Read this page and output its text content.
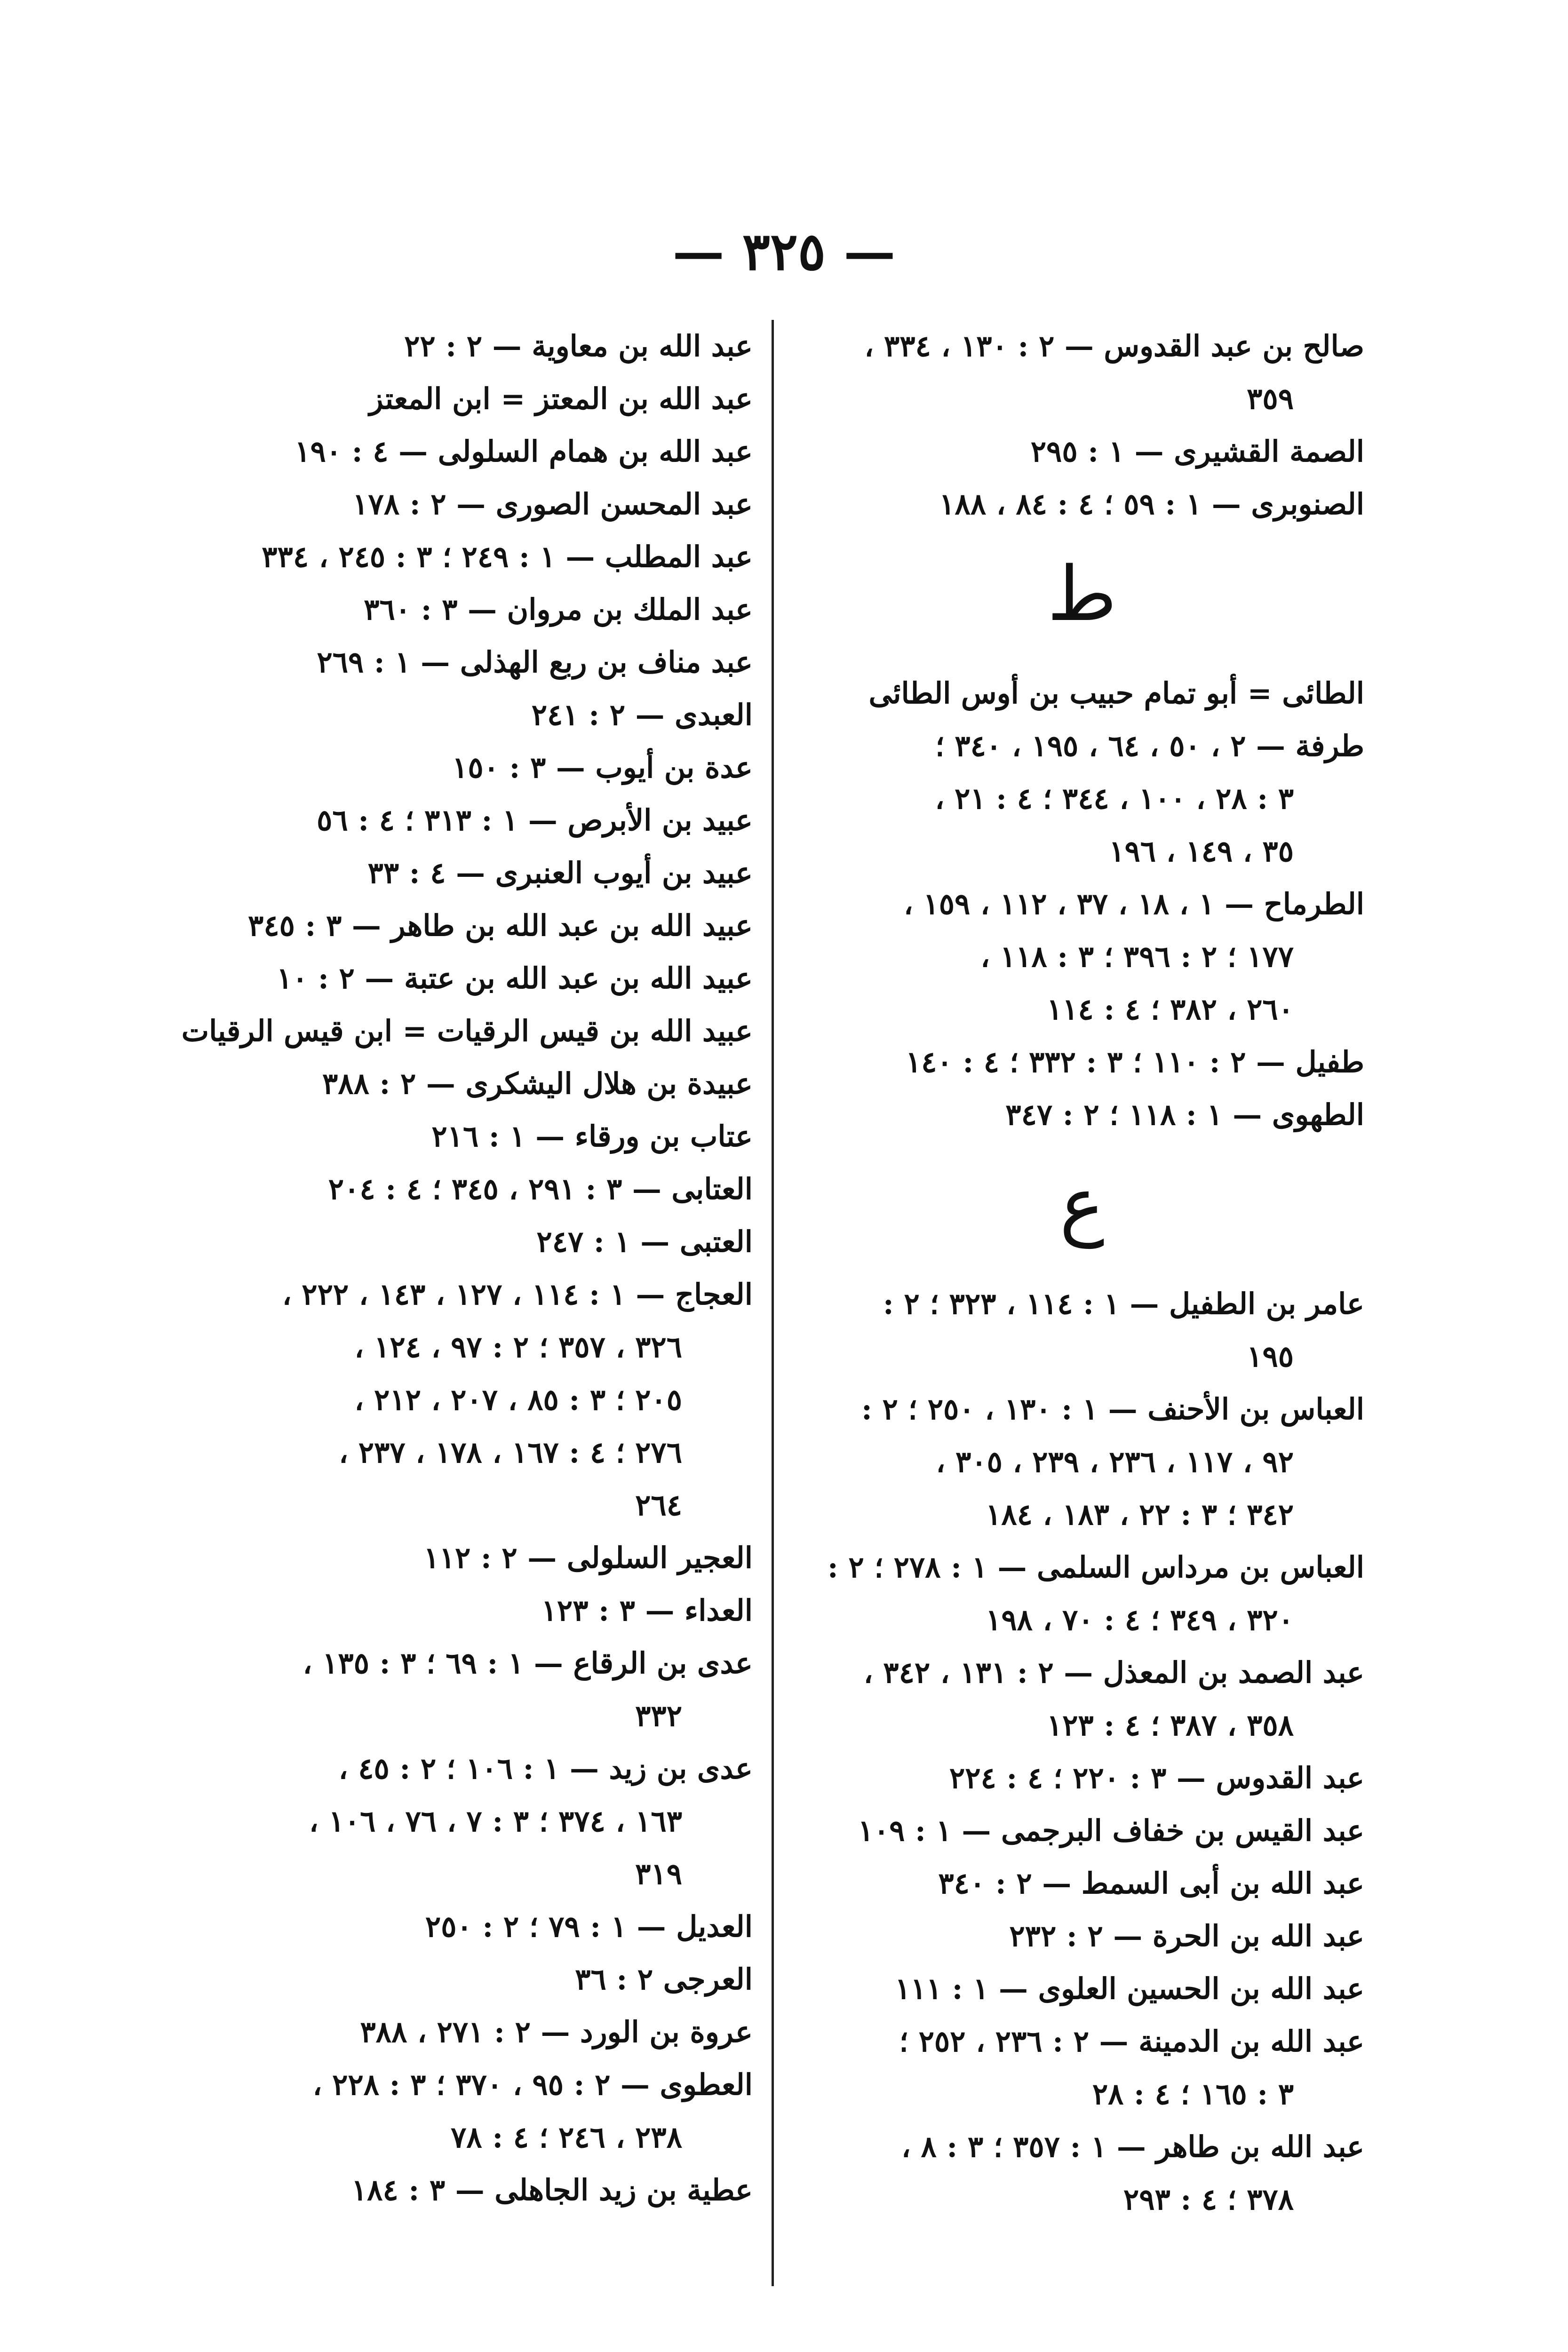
— ٣٢٥ —
صالح بن عبد القدوس — ٢ : ١٣٠ ، ٣٣٤ ،
٣٥٩
الصمة القشيرى — ١ : ٢٩٥
الصنوبرى — ١ : ٥٩ ؛ ٤ : ٨٤ ، ١٨٨
ط
الطائى = أبو تمام حبيب بن أوس الطائى
طرفة — ٢ ، ٥٠ ، ٦٤ ، ١٩٥ ، ٣٤٠ ؛
٣ : ٢٨ ، ١٠٠ ، ٣٤٤ ؛ ٤ : ٢١ ،
٣٥ ، ١٤٩ ، ١٩٦
الطرماح — ١ ، ١٨ ، ٣٧ ، ١١٢ ، ١٥٩ ،
١٧٧ ؛ ٢ : ٣٩٦ ؛ ٣ : ١١٨ ،
٢٦٠ ، ٣٨٢ ؛ ٤ : ١١٤
طفيل — ٢ : ١١٠ ؛ ٣ : ٣٣٢ ؛ ٤ : ١٤٠
الطهوى — ١ : ١١٨ ؛ ٢ : ٣٤٧
ع
عامر بن الطفيل — ١ : ١١٤ ، ٣٢٣ ؛ ٢ :
١٩٥
العباس بن الأحنف — ١ : ١٣٠ ، ٢٥٠ ؛ ٢ :
٩٢ ، ١١٧ ، ٢٣٦ ، ٢٣٩ ، ٣٠٥ ،
٣٤٢ ؛ ٣ : ٢٢ ، ١٨٣ ، ١٨٤
العباس بن مرداس السلمى — ١ : ٢٧٨ ؛ ٢ :
٣٢٠ ، ٣٤٩ ؛ ٤ : ٧٠ ، ١٩٨
عبد الصمد بن المعذل — ٢ : ١٣١ ، ٣٤٢ ،
٣٥٨ ، ٣٨٧ ؛ ٤ : ١٢٣
عبد القدوس — ٣ : ٢٢٠ ؛ ٤ : ٢٢٤
عبد القيس بن خفاف البرجمى — ١ : ١٠٩
عبد الله بن أبى السمط — ٢ : ٣٤٠
عبد الله بن الحرة — ٢ : ٢٣٢
عبد الله بن الحسين العلوى — ١ : ١١١
عبد الله بن الدمينة — ٢ : ٢٣٦ ، ٢٥٢ ؛
٣ : ١٦٥ ؛ ٤ : ٢٨
عبد الله بن طاهر — ١ : ٣٥٧ ؛ ٣ : ٨ ،
٣٧٨ ؛ ٤ : ٢٩٣
عبد الله بن معاوية — ٢ : ٢٢
عبد الله بن المعتز = ابن المعتز
عبد الله بن همام السلولى — ٤ : ١٩٠
عبد المحسن الصورى — ٢ : ١٧٨
عبد المطلب — ١ : ٢٤٩ ؛ ٣ : ٢٤٥ ، ٣٣٤
عبد الملك بن مروان — ٣ : ٣٦٠
عبد مناف بن ربع الهذلى — ١ : ٢٦٩
العبدى — ٢ : ٢٤١
عدة بن أيوب — ٣ : ١٥٠
عبيد بن الأبرص — ١ : ٣١٣ ؛ ٤ : ٥٦
عبيد بن أيوب العنبرى — ٤ : ٣٣
عبيد الله بن عبد الله بن طاهر — ٣ : ٣٤٥
عبيد الله بن عبد الله بن عتبة — ٢ : ١٠
عبيد الله بن قيس الرقيات = ابن قيس الرقيات
عبيدة بن هلال اليشكرى — ٢ : ٣٨٨
عتاب بن ورقاء — ١ : ٢١٦
العتابى — ٣ : ٢٩١ ، ٣٤٥ ؛ ٤ : ٢٠٤
العتبى — ١ : ٢٤٧
العجاج — ١ : ١١٤ ، ١٢٧ ، ١٤٣ ، ٢٢٢ ،
٣٢٦ ، ٣٥٧ ؛ ٢ : ٩٧ ، ١٢٤ ،
٢٠٥ ؛ ٣ : ٨٥ ، ٢٠٧ ، ٢١٢ ،
٢٧٦ ؛ ٤ : ١٦٧ ، ١٧٨ ، ٢٣٧ ،
٢٦٤
العجير السلولى — ٢ : ١١٢
العداء — ٣ : ١٢٣
عدى بن الرقاع — ١ : ٦٩ ؛ ٣ : ١٣٥ ،
٣٣٢
عدى بن زيد — ١ : ١٠٦ ؛ ٢ : ٤٥ ،
١٦٣ ، ٣٧٤ ؛ ٣ : ٧ ، ٧٦ ، ١٠٦ ،
٣١٩
العديل — ١ : ٧٩ ؛ ٢ : ٢٥٠
العرجى ٢ : ٣٦
عروة بن الورد — ٢ : ٢٧١ ، ٣٨٨
العطوى — ٢ : ٩٥ ، ٣٧٠ ؛ ٣ : ٢٢٨ ،
٢٣٨ ، ٢٤٦ ؛ ٤ : ٧٨
عطية بن زيد الجاهلى — ٣ : ١٨٤
